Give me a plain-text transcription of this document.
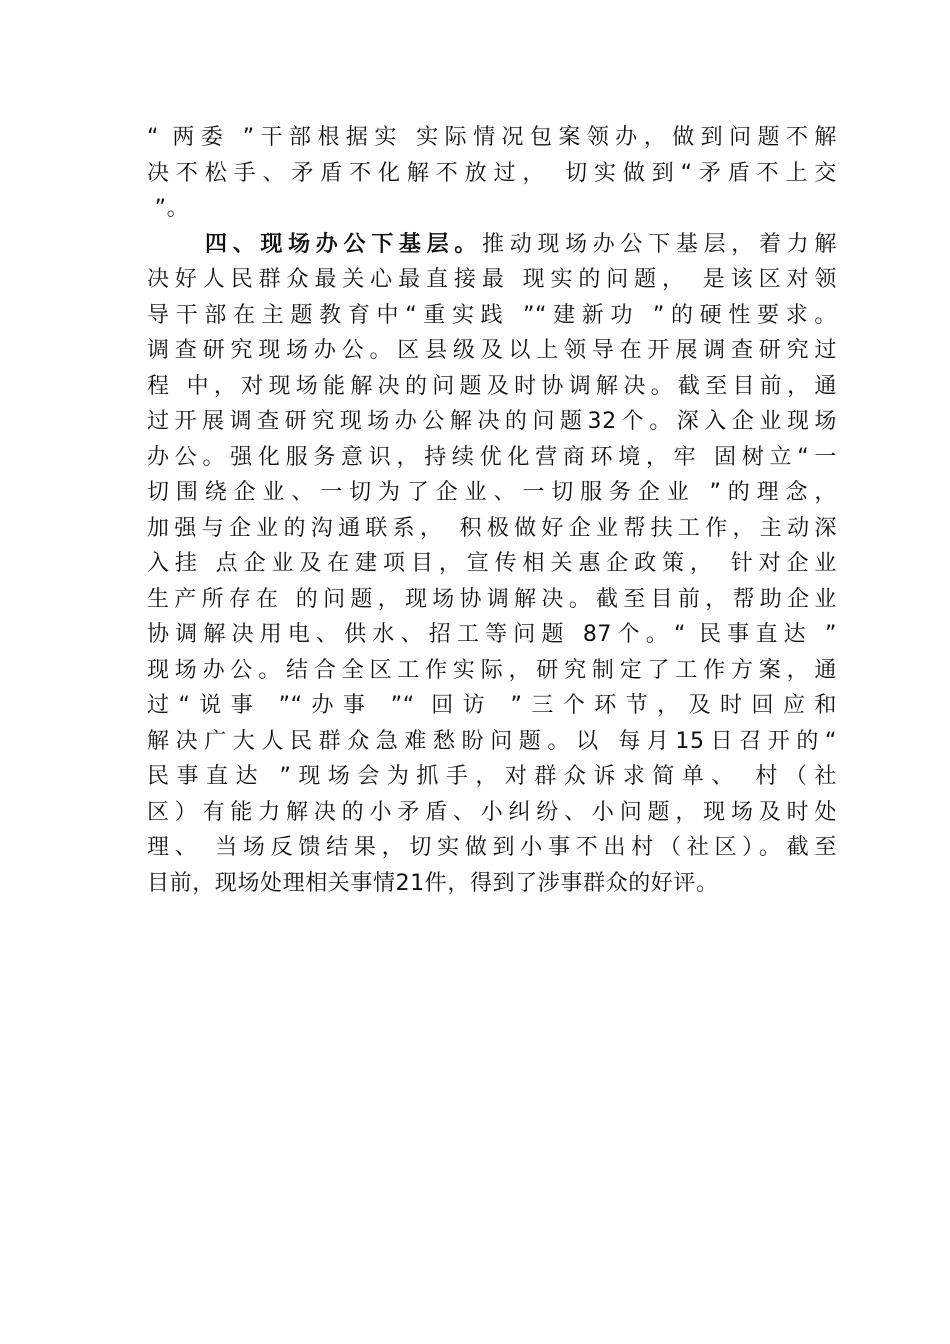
“ 两委 ”干部根据实 实际情况包案领办，做到问题不解
决不松手、矛盾不化解不放过， 切实做到“矛盾不上交
”。
四、现场办公下基层。推动现场办公下基层，着力解
决好人民群众最关心最直接最 现实的问题， 是该区对领
导干部在主题教育中“重实践 ”“建新功 ”的硬性要求。
调查研究现场办公。区县级及以上领导在开展调查研究过
程 中，对现场能解决的问题及时协调解决。截至目前，通
过开展调查研究现场办公解决的问题32个。深入企业现场
办公。强化服务意识，持续优化营商环境，牢 固树立“一
切围绕企业、一切为了企业、一切服务企业 ”的理念，
加强与企业的沟通联系， 积极做好企业帮扶工作，主动深
入挂 点企业及在建项目，宣传相关惠企政策， 针对企业
生产所存在 的问题，现场协调解决。截至目前，帮助企业
协调解决用电、供水、招工等问题 87个。“ 民事直达 ”
现场办公。结合全区工作实际，研究制定了工作方案，通
过“说事 ”“办事 ”“ 回访 ”三个环节，及时回应和
解决广大人民群众急难愁盼问题。以 每月15日召开的“
民事直达 ”现场会为抓手，对群众诉求简单、 村（社
区）有能力解决的小矛盾、小纠纷、小问题，现场及时处
理、 当场反馈结果，切实做到小事不出村（社区）。截至
目前，现场处理相关事情21件，得到了涉事群众的好评。
